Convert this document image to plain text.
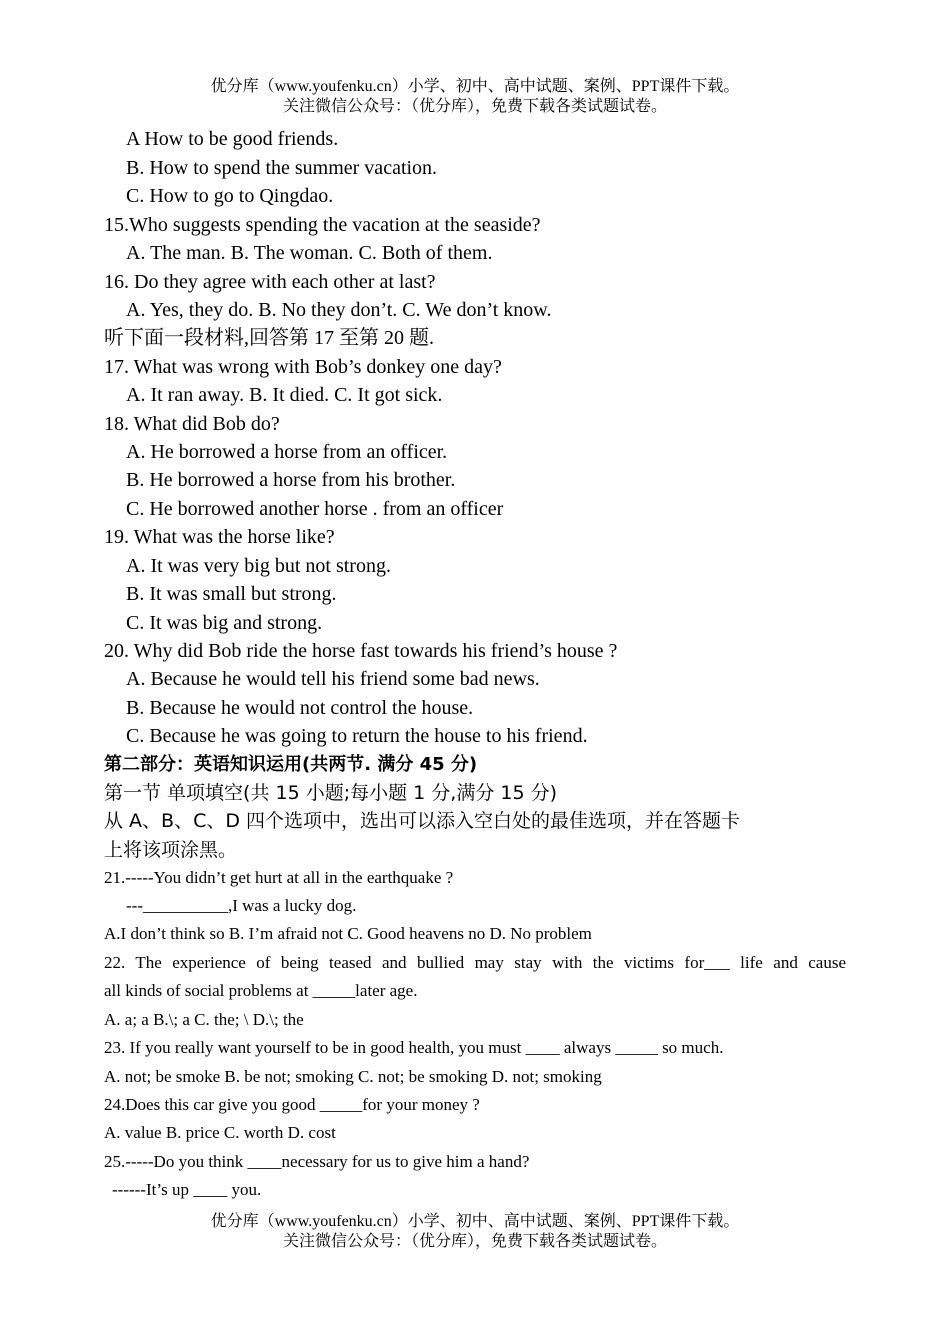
优分库（www.youfenku.cn）小学、初中、高中试题、案例、PPT课件下载。
关注微信公众号：（优分库），免费下载各类试题试卷。
A How to be good friends.
B. How to spend the summer vacation.
C. How to go to Qingdao.
15.Who suggests spending the vacation at the seaside?
A. The man. B. The woman. C. Both of them.
16. Do they agree with each other at last?
A. Yes, they do. B. No they don’t. C. We don’t know.
听下面一段材料,回答第 17 至第 20 题.
17. What was wrong with Bob’s donkey one day?
A. It ran away. B. It died. C. It got sick.
18. What did Bob do?
A. He borrowed a horse from an officer.
B. He borrowed a horse from his brother.
C. He borrowed another horse . from an officer
19. What was the horse like?
A. It was very big but not strong.
B. It was small but strong.
C. It was big and strong.
20. Why did Bob ride the horse fast towards his friend’s house ?
A. Because he would tell his friend some bad news.
B. Because he would not control the house.
C. Because he was going to return the house to his friend.
第二部分：英语知识运用(共两节. 满分 45 分)
第一节 单项填空(共 15 小题;每小题 1 分,满分 15 分)
从 A、B、C、D 四个选项中，选出可以添入空白处的最佳选项，并在答题卡
上将该项涂黑。
21.-----You didn’t get hurt at all in the earthquake ?
---__________,I was a lucky dog.
A.I don’t think so B. I’m afraid not C. Good heavens no D. No problem
22. The experience of being teased and bullied may stay with the victims for___ life and cause
all kinds of social problems at _____later age.
A. a; a B.\; a C. the; \ D.\; the
23. If you really want yourself to be in good health, you must ____ always _____ so much.
A. not; be smoke B. be not; smoking C. not; be smoking D. not; smoking
24.Does this car give you good _____for your money ?
A. value B. price C. worth D. cost
25.-----Do you think ____necessary for us to give him a hand?
------It’s up ____ you.
优分库（www.youfenku.cn）小学、初中、高中试题、案例、PPT课件下载。
关注微信公众号：（优分库），免费下载各类试题试卷。
